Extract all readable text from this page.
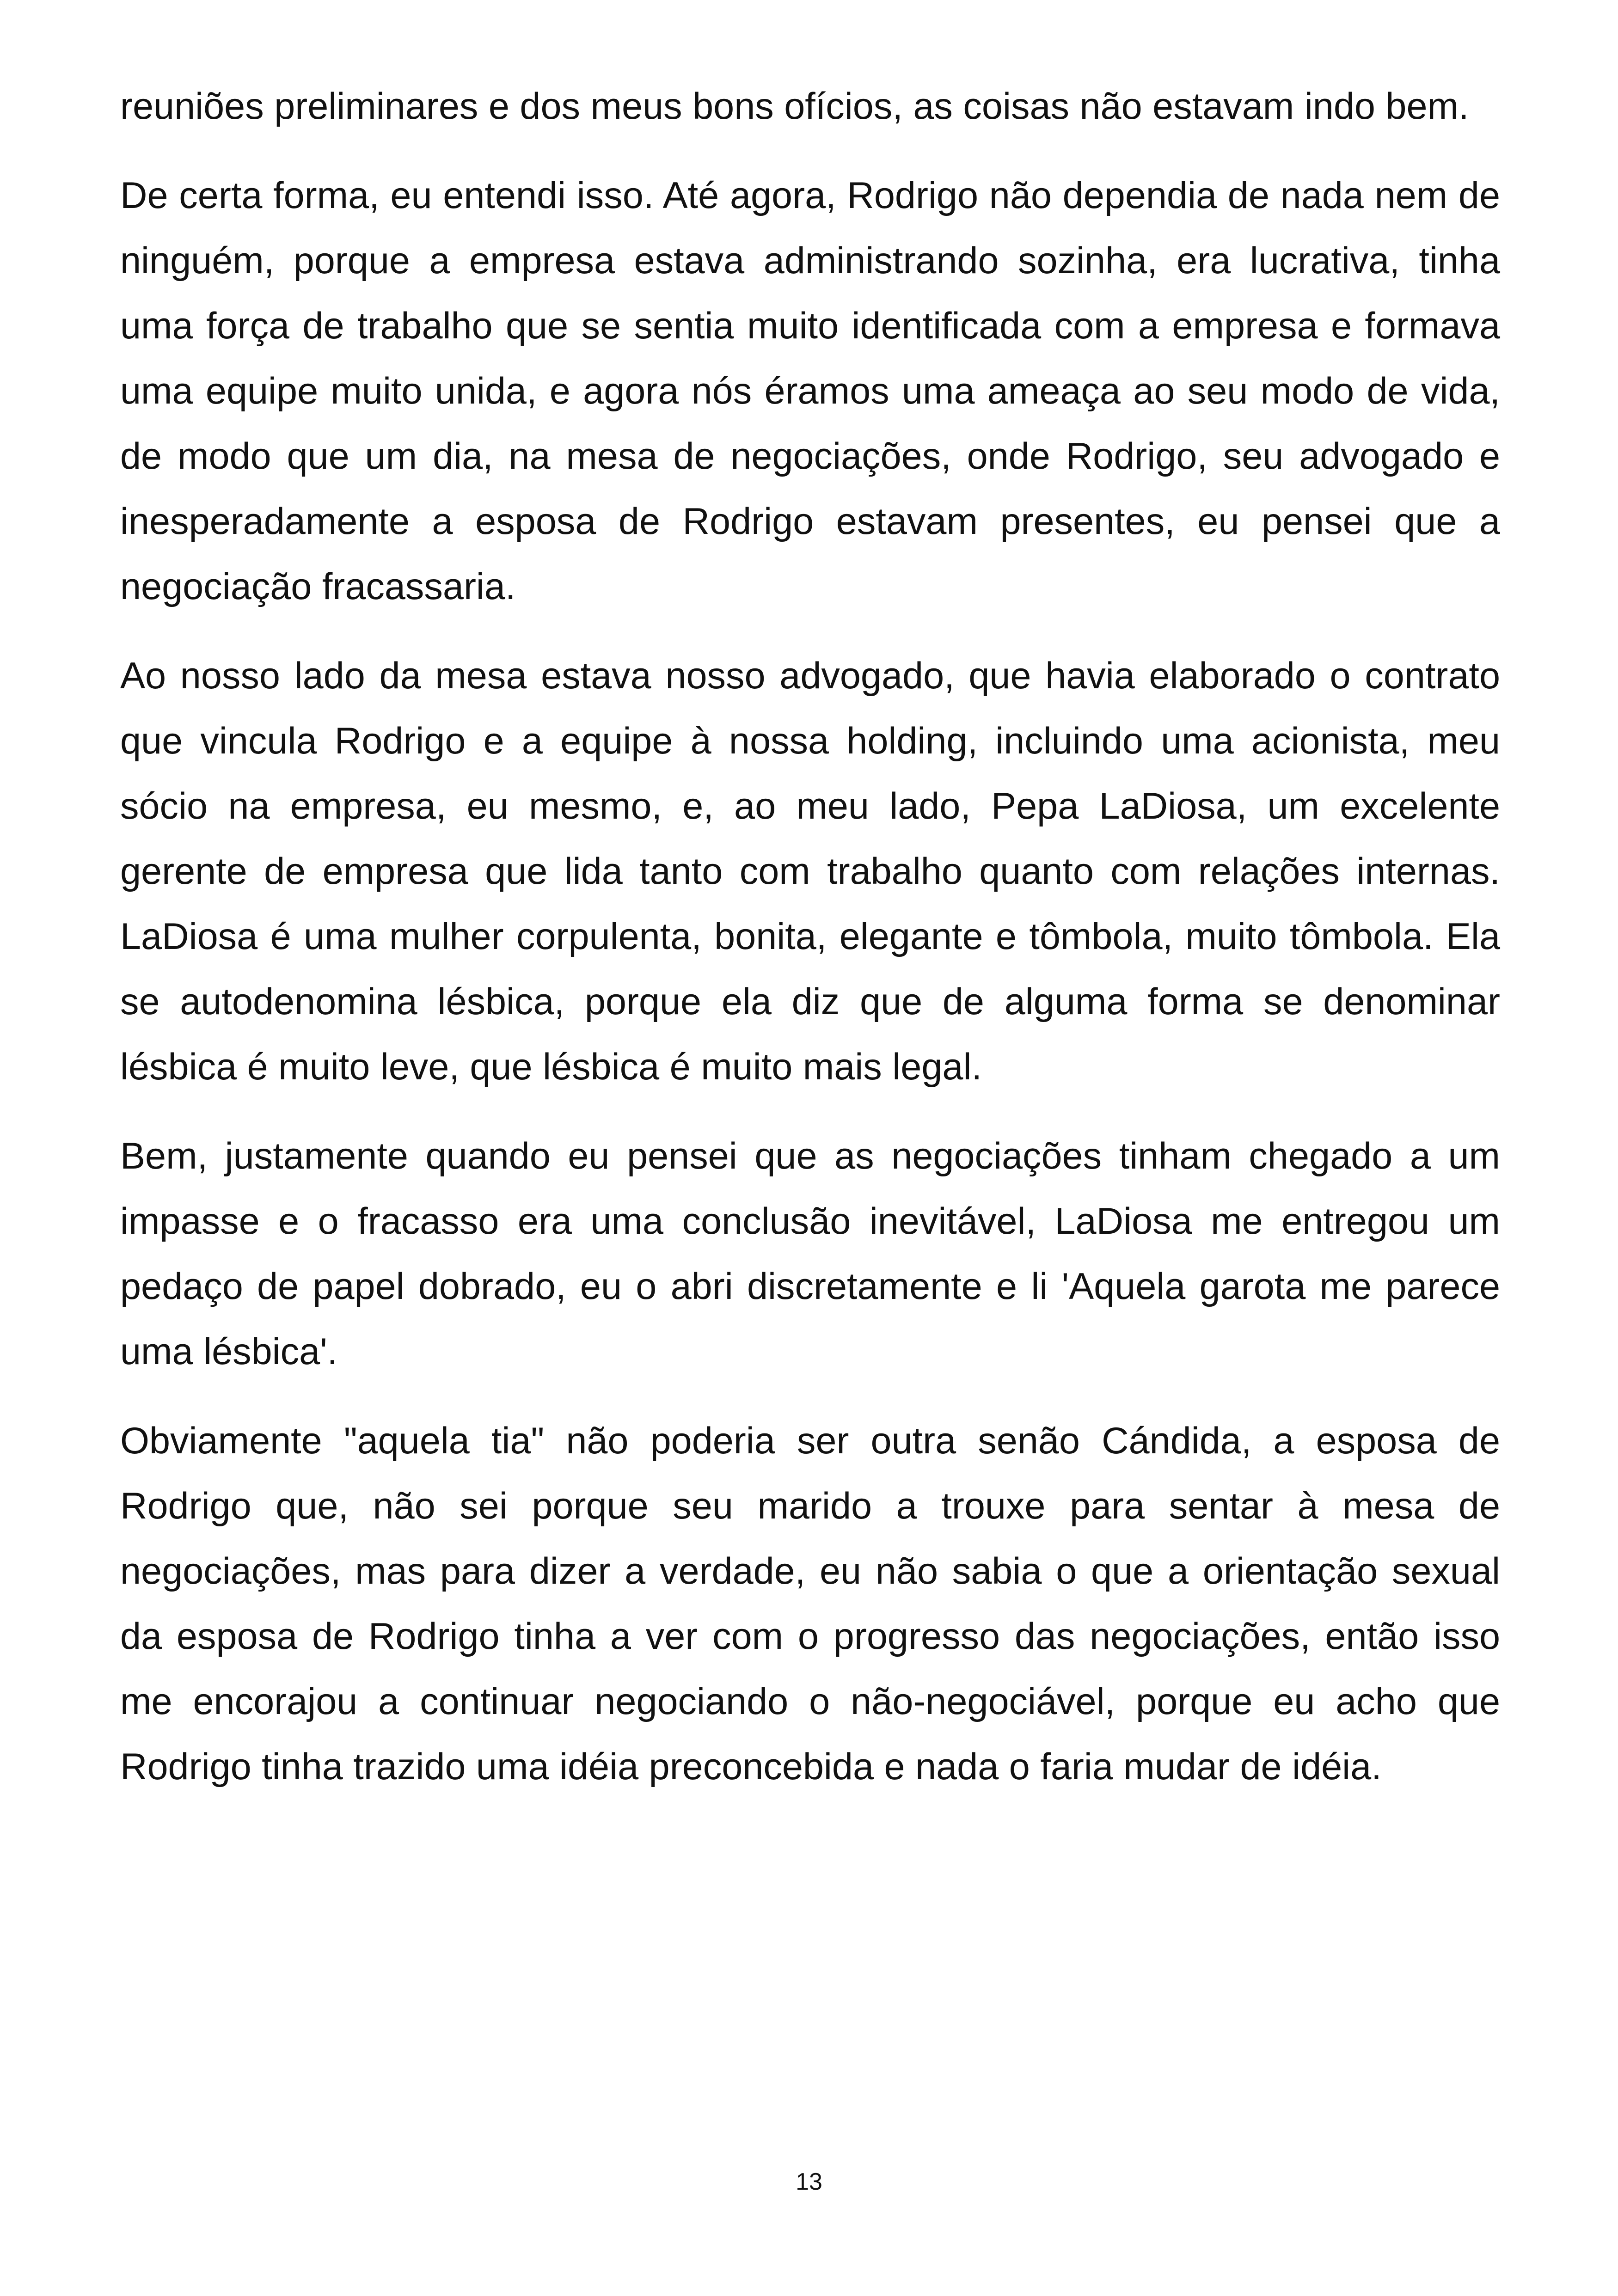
reuniões preliminares e dos meus bons ofícios, as coisas não estavam indo bem.

De certa forma, eu entendi isso. Até agora, Rodrigo não dependia de nada nem de ninguém, porque a empresa estava administrando sozinha, era lucrativa, tinha uma força de trabalho que se sentia muito identificada com a empresa e formava uma equipe muito unida, e agora nós éramos uma ameaça ao seu modo de vida, de modo que um dia, na mesa de negociações, onde Rodrigo, seu advogado e inesperadamente a esposa de Rodrigo estavam presentes, eu pensei que a negociação fracassaria.

Ao nosso lado da mesa estava nosso advogado, que havia elaborado o contrato que vincula Rodrigo e a equipe à nossa holding, incluindo uma acionista, meu sócio na empresa, eu mesmo, e, ao meu lado, Pepa LaDiosa, um excelente gerente de empresa que lida tanto com trabalho quanto com relações internas. LaDiosa é uma mulher corpulenta, bonita, elegante e tômbola, muito tômbola. Ela se autodenomina lésbica, porque ela diz que de alguma forma se denominar lésbica é muito leve, que lésbica é muito mais legal.

Bem, justamente quando eu pensei que as negociações tinham chegado a um impasse e o fracasso era uma conclusão inevitável, LaDiosa me entregou um pedaço de papel dobrado, eu o abri discretamente e li 'Aquela garota me parece uma lésbica'.

Obviamente "aquela tia" não poderia ser outra senão Cándida, a esposa de Rodrigo que, não sei porque seu marido a trouxe para sentar à mesa de negociações, mas para dizer a verdade, eu não sabia o que a orientação sexual da esposa de Rodrigo tinha a ver com o progresso das negociações, então isso me encorajou a continuar negociando o não-negociável, porque eu acho que Rodrigo tinha trazido uma idéia preconcebida e nada o faria mudar de idéia.

13
